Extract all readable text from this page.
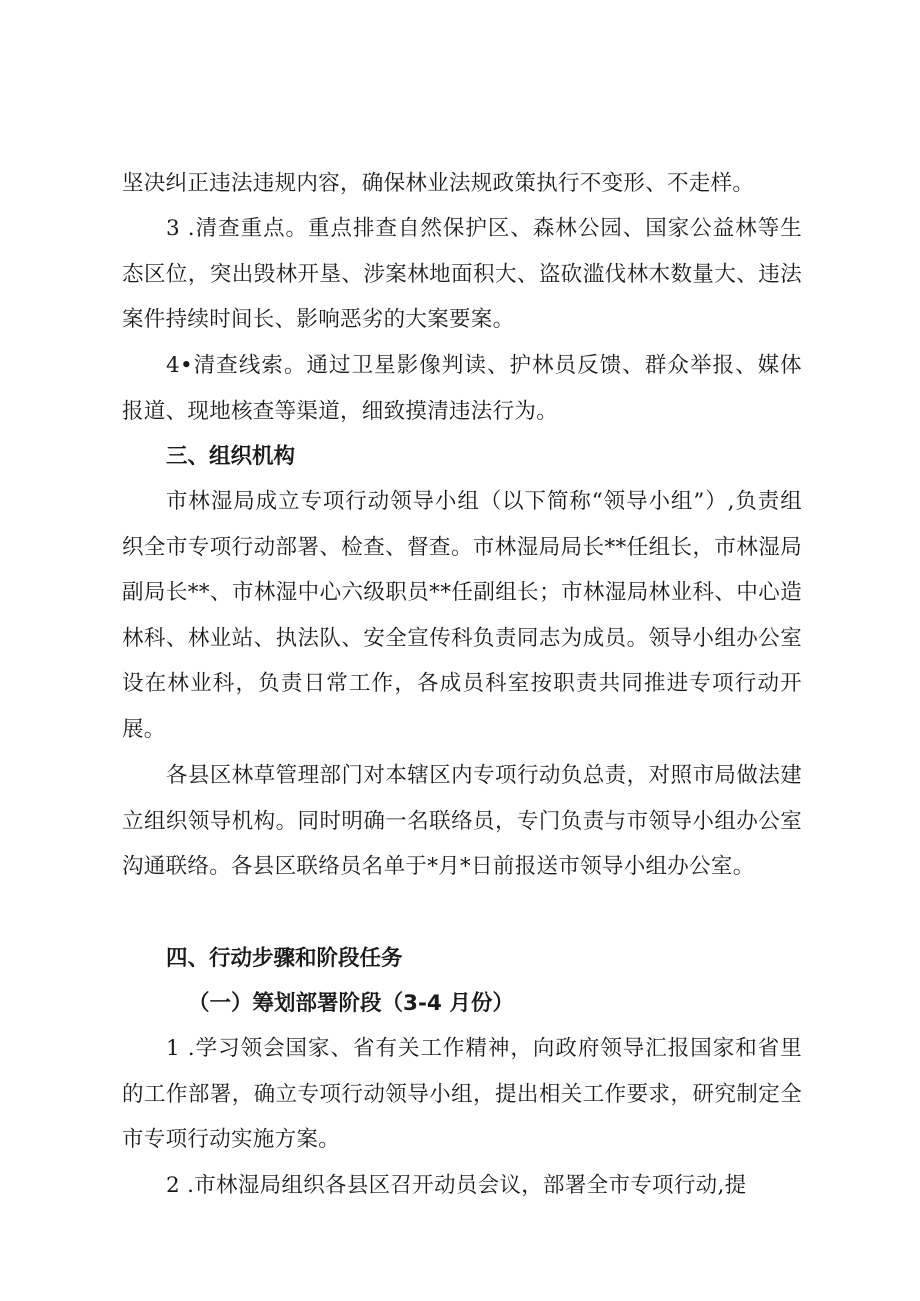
坚决纠正违法违规内容，确保林业法规政策执行不变形、不走样。

3 .清查重点。重点排查自然保护区、森林公园、国家公益林等生态区位，突出毁林开垦、涉案林地面积大、盗砍滥伐林木数量大、违法案件持续时间长、影响恶劣的大案要案。

4•清查线索。通过卫星影像判读、护林员反馈、群众举报、媒体报道、现地核查等渠道，细致摸清违法行为。

三、组织机构

市林湿局成立专项行动领导小组（以下简称“领导小组”）,负责组织全市专项行动部署、检查、督查。市林湿局局长**任组长，市林湿局副局长**、市林湿中心六级职员**任副组长；市林湿局林业科、中心造林科、林业站、执法队、安全宣传科负责同志为成员。领导小组办公室设在林业科，负责日常工作，各成员科室按职责共同推进专项行动开展。

各县区林草管理部门对本辖区内专项行动负总责，对照市局做法建立组织领导机构。同时明确一名联络员，专门负责与市领导小组办公室沟通联络。各县区联络员名单于*月*日前报送市领导小组办公室。

四、行动步骤和阶段任务
（一）筹划部署阶段（3-4 月份）

1 .学习领会国家、省有关工作精神，向政府领导汇报国家和省里的工作部署，确立专项行动领导小组，提出相关工作要求，研究制定全市专项行动实施方案。

2 .市林湿局组织各县区召开动员会议，部署全市专项行动,提
